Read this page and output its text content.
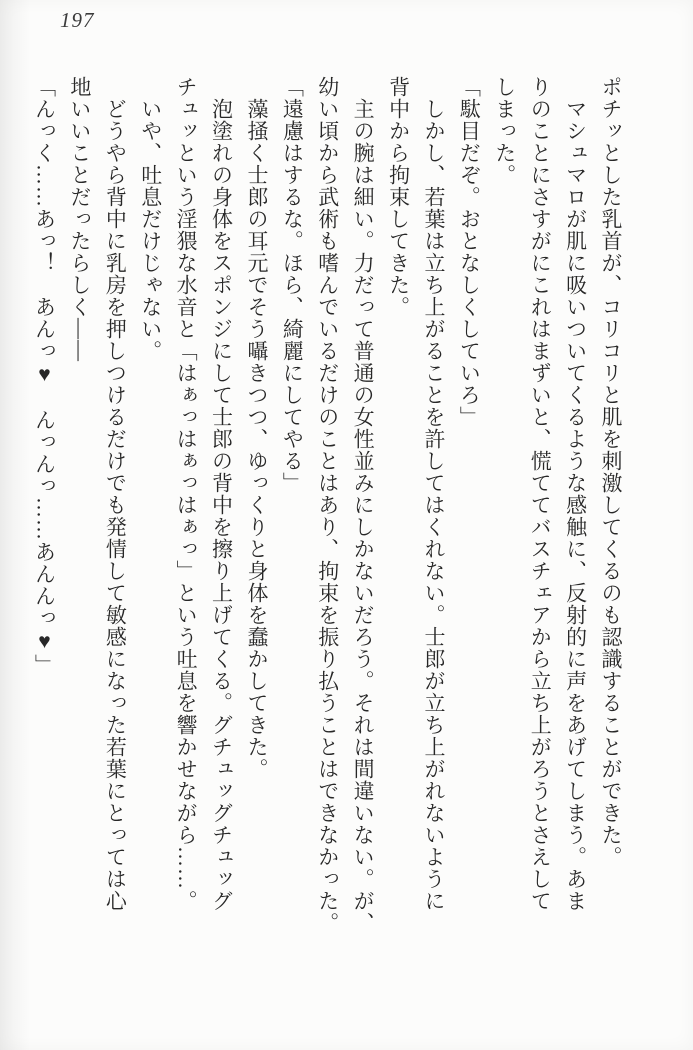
197
ポチッとした乳首が、コリコリと肌を刺激してくるのも認識することができた。
　マシュマロが肌に吸いついてくるような感触に、反射的に声をあげてしまう。あま
りのことにさすがにこれはまずいと、慌ててバスチェアから立ち上がろうとさえして
しまった。
「駄目だぞ。おとなしくしていろ」
　しかし、若葉は立ち上がることを許してはくれない。士郎が立ち上がれないように
背中から拘束してきた。
　主の腕は細い。力だって普通の女性並みにしかないだろう。それは間違いない。が、
幼い頃から武術も嗜んでいるだけのことはあり、拘束を振り払うことはできなかった。
「遠慮はするな。ほら、綺麗にしてやる」
　藻掻く士郎の耳元でそう囁きつつ、ゆっくりと身体を蠢かしてきた。
　泡塗れの身体をスポンジにして士郎の背中を擦り上げてくる。グチュッグチュッグ
チュッという淫猥な水音と「はぁっはぁっはぁっ」という吐息を響かせながら……。
　いや、吐息だけじゃない。
　どうやら背中に乳房を押しつけるだけでも発情して敏感になった若葉にとっては心
地いいことだったらしく――
「んっく……あっ！　あんっ♥　んっんっ……あんんっ♥」
